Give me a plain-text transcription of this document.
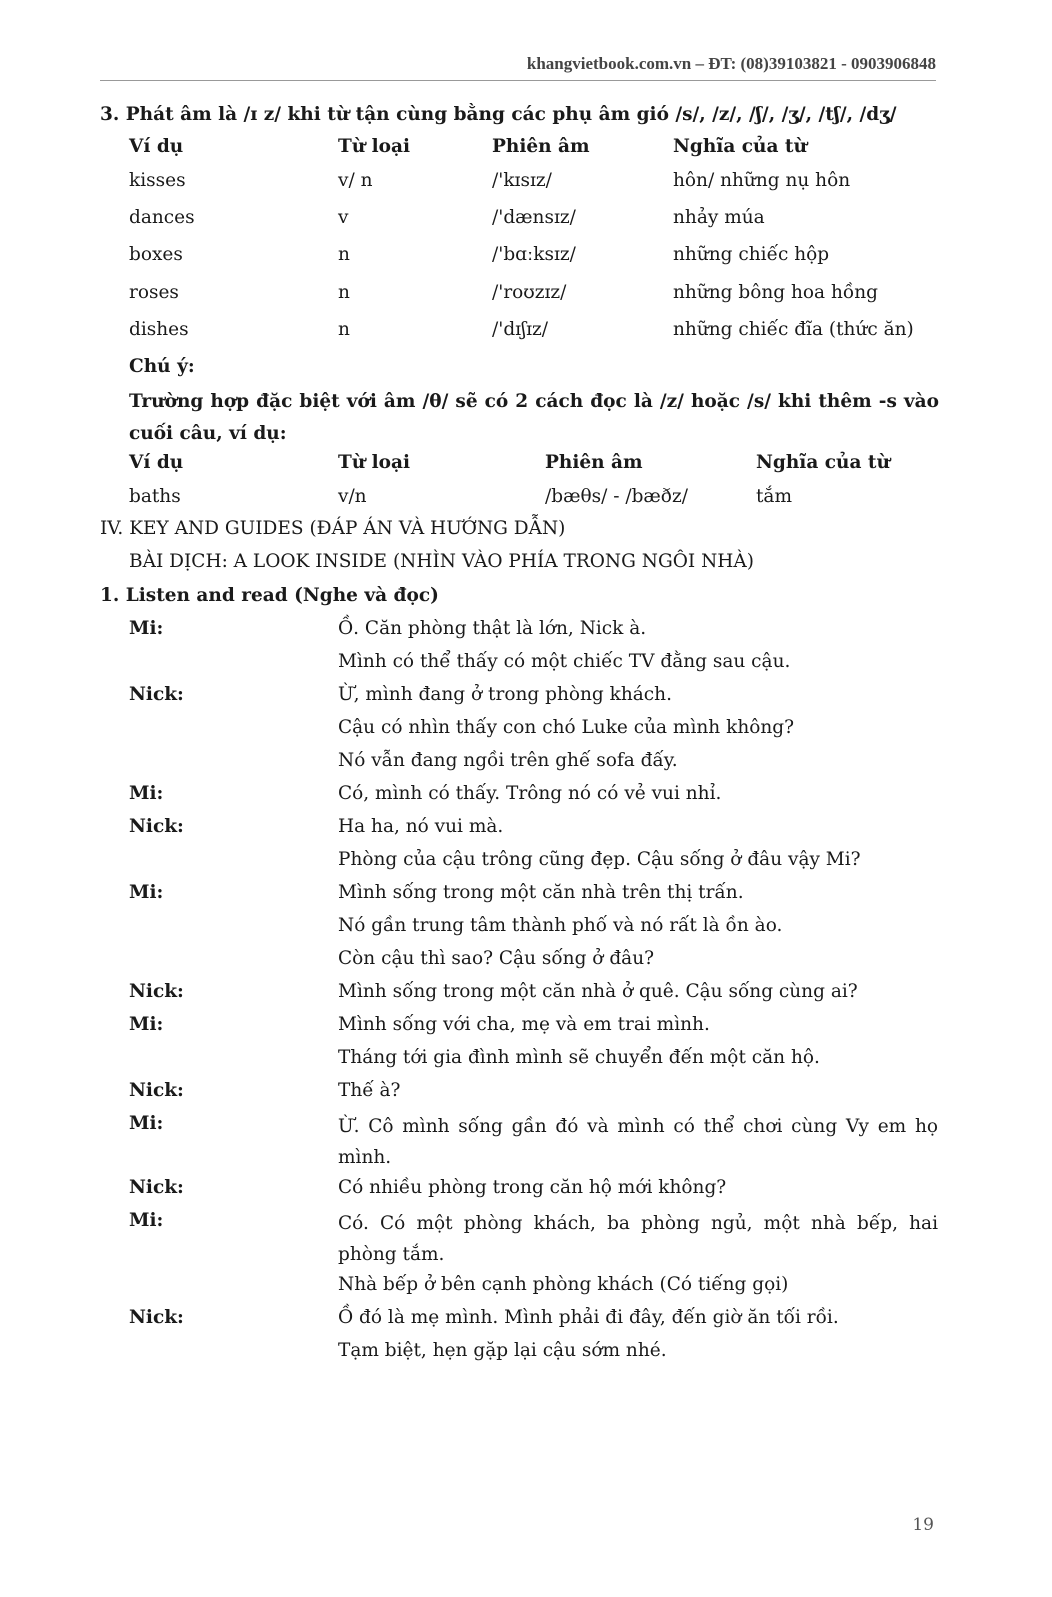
khangvietbook.com.vn – ĐT: (08)39103821 - 0903906848
3. Phát âm là /ɪ z/ khi từ tận cùng bằng các phụ âm gió /s/, /z/, /ʃ/, /ʒ/, /tʃ/, /dʒ/
Ví dụ	Từ loại	Phiên âm	Nghĩa của từ
kisses	v/ n	/'kɪsɪz/	hôn/ những nụ hôn
dances	v	/'dænsɪz/	nhảy múa
boxes	n	/'bɑːksɪz/	những chiếc hộp
roses	n	/'roʊzɪz/	những bông hoa hồng
dishes	n	/'dɪʃɪz/	những chiếc đĩa (thức ăn)
Chú ý:
Trường hợp đặc biệt với âm /θ/ sẽ có 2 cách đọc là /z/ hoặc /s/ khi thêm -s vào cuối câu, ví dụ:
Ví dụ	Từ loại	Phiên âm	Nghĩa của từ
baths	v/n	/bæθs/ - /bæðz/	tắm
IV. KEY AND GUIDES (ĐÁP ÁN VÀ HƯỚNG DẪN)
BÀI DỊCH: A LOOK INSIDE (NHÌN VÀO PHÍA TRONG NGÔI NHÀ)
1. Listen and read (Nghe và đọc)
Mi:	Ồ. Căn phòng thật là lớn, Nick à.
Mình có thể thấy có một chiếc TV đằng sau cậu.
Nick:	Ừ, mình đang ở trong phòng khách.
Cậu có nhìn thấy con chó Luke của mình không?
Nó vẫn đang ngồi trên ghế sofa đấy.
Mi:	Có, mình có thấy. Trông nó có vẻ vui nhỉ.
Nick:	Ha ha, nó vui mà.
Phòng của cậu trông cũng đẹp. Cậu sống ở đâu vậy Mi?
Mi:	Mình sống trong một căn nhà trên thị trấn.
Nó gần trung tâm thành phố và nó rất là ồn ào.
Còn cậu thì sao? Cậu sống ở đâu?
Nick:	Mình sống trong một căn nhà ở quê. Cậu sống cùng ai?
Mi:	Mình sống với cha, mẹ và em trai mình.
Tháng tới gia đình mình sẽ chuyển đến một căn hộ.
Nick:	Thế à?
Mi:	Ừ. Cô mình sống gần đó và mình có thể chơi cùng Vy em họ mình.
Nick:	Có nhiều phòng trong căn hộ mới không?
Mi:	Có. Có một phòng khách, ba phòng ngủ, một nhà bếp, hai phòng tắm.
Nhà bếp ở bên cạnh phòng khách (Có tiếng gọi)
Nick:	Ồ đó là mẹ mình. Mình phải đi đây, đến giờ ăn tối rồi.
Tạm biệt, hẹn gặp lại cậu sớm nhé.
19
